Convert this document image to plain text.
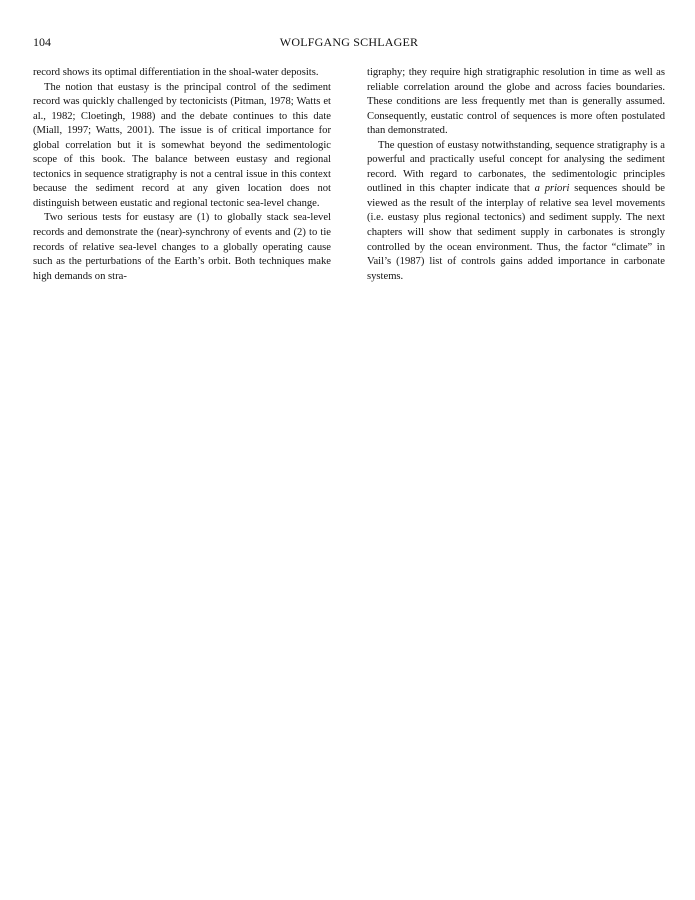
104	WOLFGANG SCHLAGER

record shows its optimal differentiation in the shoal-water deposits.

The notion that eustasy is the principal control of the sediment record was quickly challenged by tectonicists (Pitman, 1978; Watts et al., 1982; Cloetingh, 1988) and the debate continues to this date (Miall, 1997; Watts, 2001). The issue is of critical importance for global correlation but it is somewhat beyond the sedimentologic scope of this book. The balance between eustasy and regional tectonics in sequence stratigraphy is not a central issue in this context because the sediment record at any given location does not distinguish between eustatic and regional tectonic sea-level change.

Two serious tests for eustasy are (1) to globally stack sea-level records and demonstrate the (near)-synchrony of events and (2) to tie records of relative sea-level changes to a globally operating cause such as the perturbations of the Earth’s orbit. Both techniques make high demands on stra-

tigraphy; they require high stratigraphic resolution in time as well as reliable correlation around the globe and across facies boundaries. These conditions are less frequently met than is generally assumed. Consequently, eustatic control of sequences is more often postulated than demonstrated.

The question of eustasy notwithstanding, sequence stratigraphy is a powerful and practically useful concept for analysing the sediment record. With regard to carbonates, the sedimentologic principles outlined in this chapter indicate that a priori sequences should be viewed as the result of the interplay of relative sea level movements (i.e. eustasy plus regional tectonics) and sediment supply. The next chapters will show that sediment supply in carbonates is strongly controlled by the ocean environment. Thus, the factor “climate” in Vail’s (1987) list of controls gains added importance in carbonate systems.
